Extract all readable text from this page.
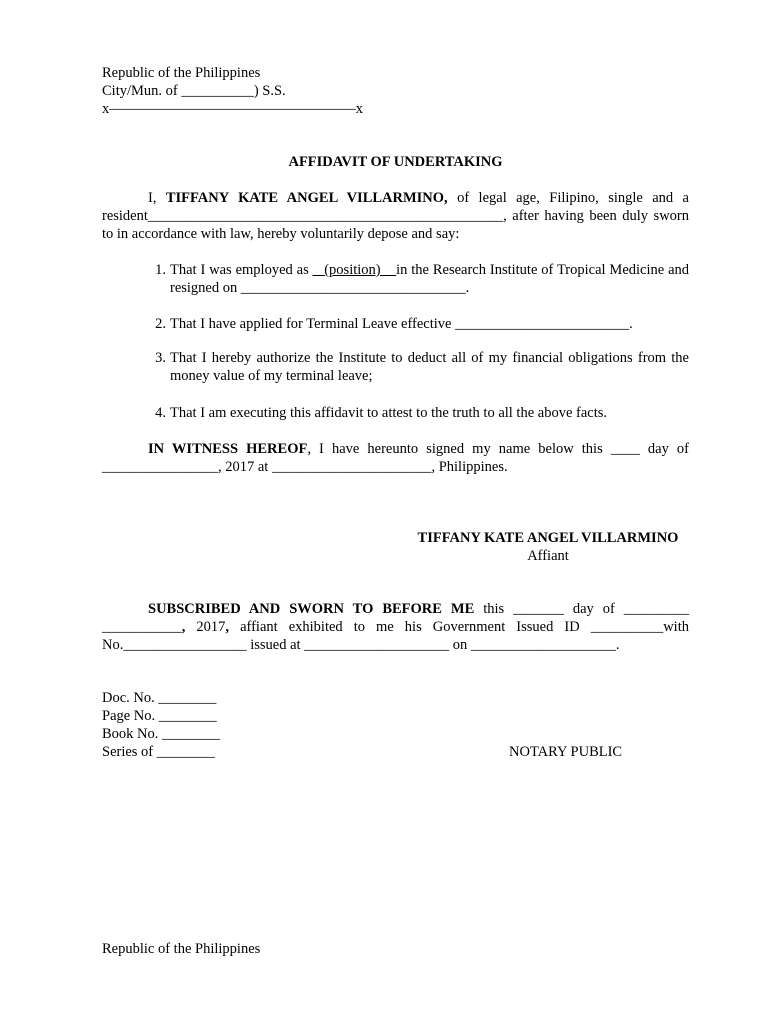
Republic of the Philippines
City/Mun. of __________) S.S.
x—————————————————x
AFFIDAVIT OF UNDERTAKING
I, TIFFANY KATE ANGEL VILLARMINO, of legal age, Filipino, single and a resident_________________________________________________, after having been duly sworn to in accordance with law, hereby voluntarily depose and say:
1. That I was employed as    (position)    in the Research Institute of Tropical Medicine and resigned on _______________________________.
2. That I have applied for Terminal Leave effective ________________________.
3. That I hereby authorize the Institute to deduct all of my financial obligations from the money value of my terminal leave;
4. That I am executing this affidavit to attest to the truth to all the above facts.
IN WITNESS HEREOF, I have hereunto signed my name below this ____ day of ________________, 2017 at ______________________, Philippines.
TIFFANY KATE ANGEL VILLARMINO
Affiant
SUBSCRIBED AND SWORN TO BEFORE ME this _______ day of _________ ___________, 2017, affiant exhibited to me his Government Issued ID __________with No._________________ issued at ____________________ on ____________________.
Doc. No. ________
Page No. ________
Book No. ________
Series of ________	NOTARY PUBLIC
Republic of the Philippines
